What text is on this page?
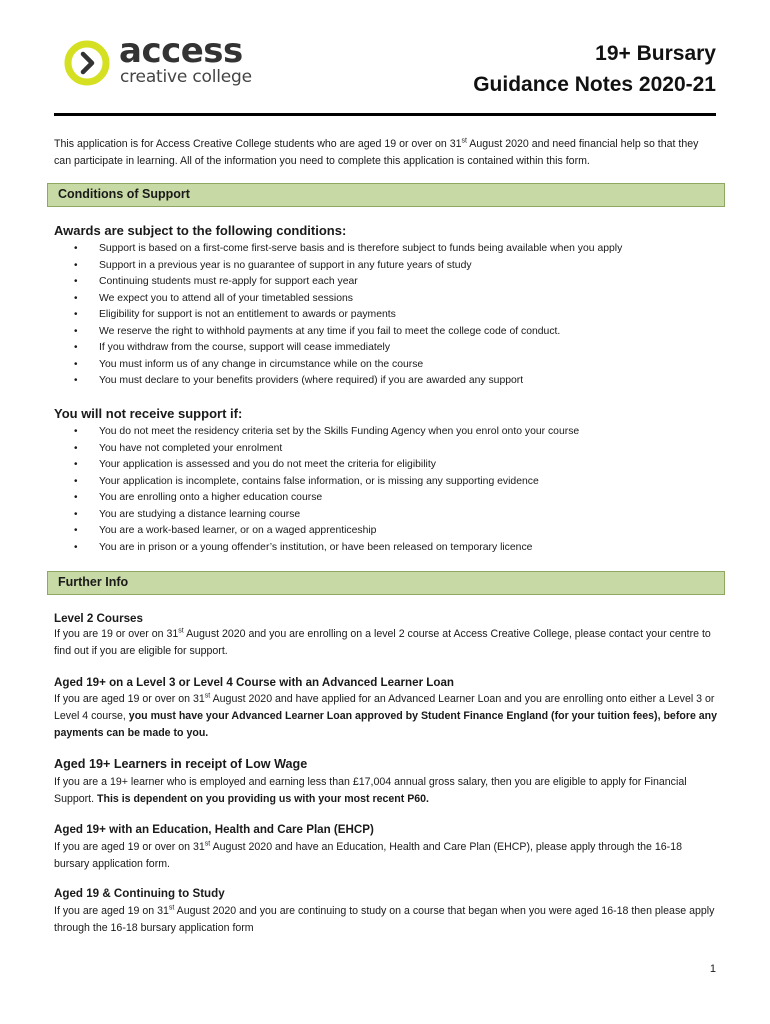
access
creative college
19+ Bursary
Guidance Notes 2020-21
This application is for Access Creative College students who are aged 19 or over on 31st August 2020 and need financial help so that they can participate in learning. All of the information you need to complete this application is contained within this form.
Conditions of Support
Awards are subject to the following conditions:
• Support is based on a first-come first-serve basis and is therefore subject to funds being available when you apply
• Support in a previous year is no guarantee of support in any future years of study
• Continuing students must re-apply for support each year
• We expect you to attend all of your timetabled sessions
• Eligibility for support is not an entitlement to awards or payments
• We reserve the right to withhold payments at any time if you fail to meet the college code of conduct.
• If you withdraw from the course, support will cease immediately
• You must inform us of any change in circumstance while on the course
• You must declare to your benefits providers (where required) if you are awarded any support
You will not receive support if:
• You do not meet the residency criteria set by the Skills Funding Agency when you enrol onto your course
• You have not completed your enrolment
• Your application is assessed and you do not meet the criteria for eligibility
• Your application is incomplete, contains false information, or is missing any supporting evidence
• You are enrolling onto a higher education course
• You are studying a distance learning course
• You are a work-based learner, or on a waged apprenticeship
• You are in prison or a young offender’s institution, or have been released on temporary licence
Further Info
Level 2 Courses
If you are 19 or over on 31st August 2020 and you are enrolling on a level 2 course at Access Creative College, please contact your centre to find out if you are eligible for support.
Aged 19+ on a Level 3 or Level 4 Course with an Advanced Learner Loan
If you are aged 19 or over on 31st August 2020 and have applied for an Advanced Learner Loan and you are enrolling onto either a Level 3 or Level 4 course, you must have your Advanced Learner Loan approved by Student Finance England (for your tuition fees), before any payments can be made to you.
Aged 19+ Learners in receipt of Low Wage
If you are a 19+ learner who is employed and earning less than £17,004 annual gross salary, then you are eligible to apply for Financial Support. This is dependent on you providing us with your most recent P60.
Aged 19+ with an Education, Health and Care Plan (EHCP)
If you are aged 19 or over on 31st August 2020 and have an Education, Health and Care Plan (EHCP), please apply through the 16-18 bursary application form.
Aged 19 & Continuing to Study
If you are aged 19 on 31st August 2020 and you are continuing to study on a course that began when you were aged 16-18 then please apply through the 16-18 bursary application form
1
